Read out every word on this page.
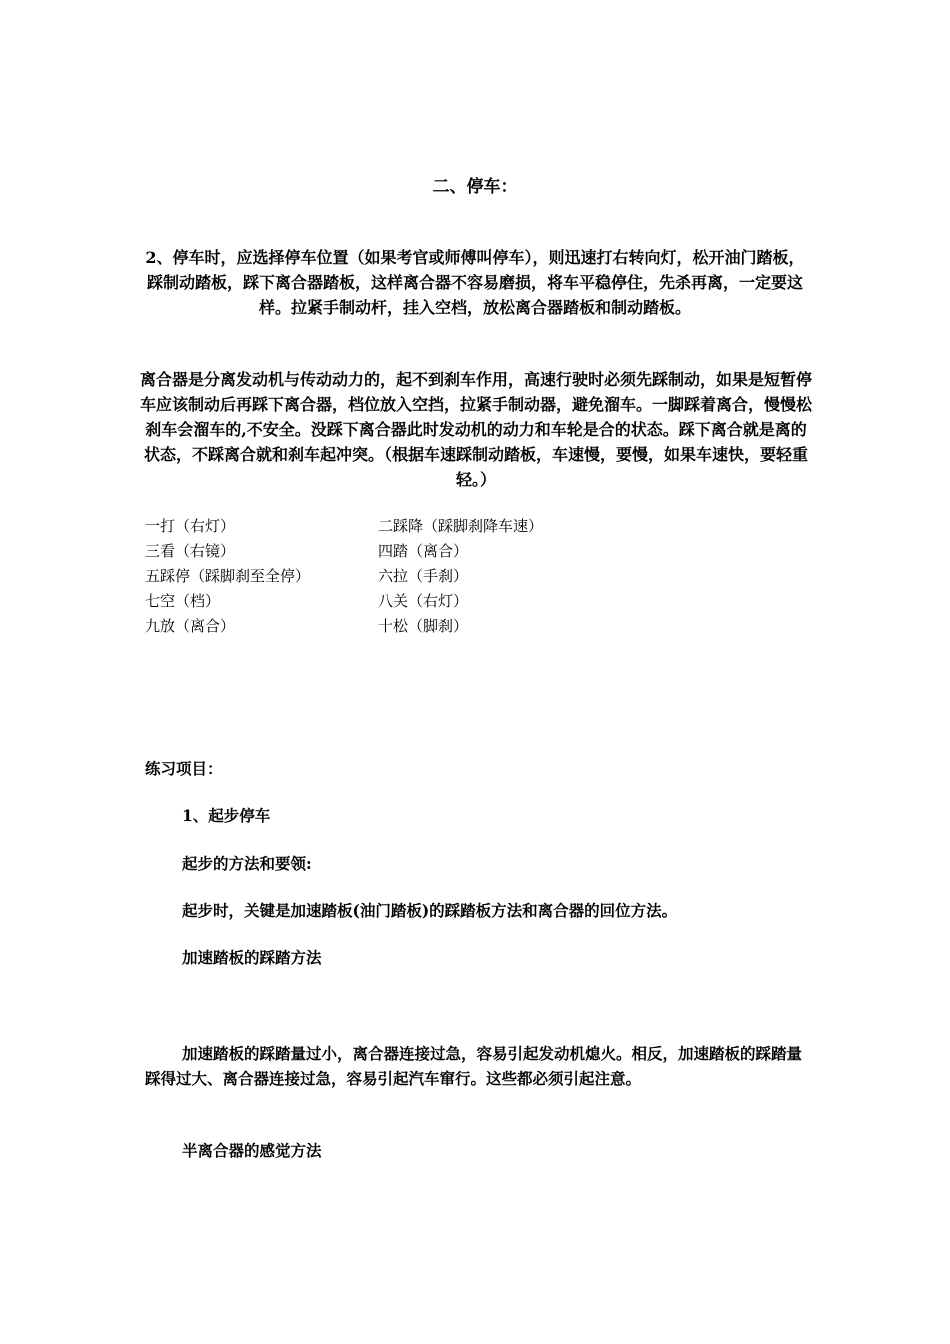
二、停车：
2、停车时，应选择停车位置（如果考官或师傅叫停车），则迅速打右转向灯，松开油门踏板，踩制动踏板，踩下离合器踏板，这样离合器不容易磨损，将车平稳停住，先杀再离，一定要这样。拉紧手制动杆，挂入空档，放松离合器踏板和制动踏板。
离合器是分离发动机与传动动力的，起不到刹车作用，高速行驶时必须先踩制动，如果是短暂停车应该制动后再踩下离合器，档位放入空挡，拉紧手制动器，避免溜车。一脚踩着离合，慢慢松刹车会溜车的,不安全。没踩下离合器此时发动机的动力和车轮是合的状态。踩下离合就是离的状态，不踩离合就和刹车起冲突。（根据车速踩制动踏板，车速慢，要慢，如果车速快，要轻重轻。）
一打（右灯）	二踩降（踩脚刹降车速）
三看（右镜）	四踏（离合）
五踩停（踩脚刹至全停）	六拉（手刹）
七空（档）	八关（右灯）
九放（离合）	十松（脚刹）
练习项目：
1、起步停车
起步的方法和要领:
起步时，关键是加速踏板(油门踏板)的踩踏板方法和离合器的回位方法。
加速踏板的踩踏方法
加速踏板的踩踏量过小，离合器连接过急，容易引起发动机熄火。相反，加速踏板的踩踏量踩得过大、离合器连接过急，容易引起汽车窜行。这些都必须引起注意。
半离合器的感觉方法
